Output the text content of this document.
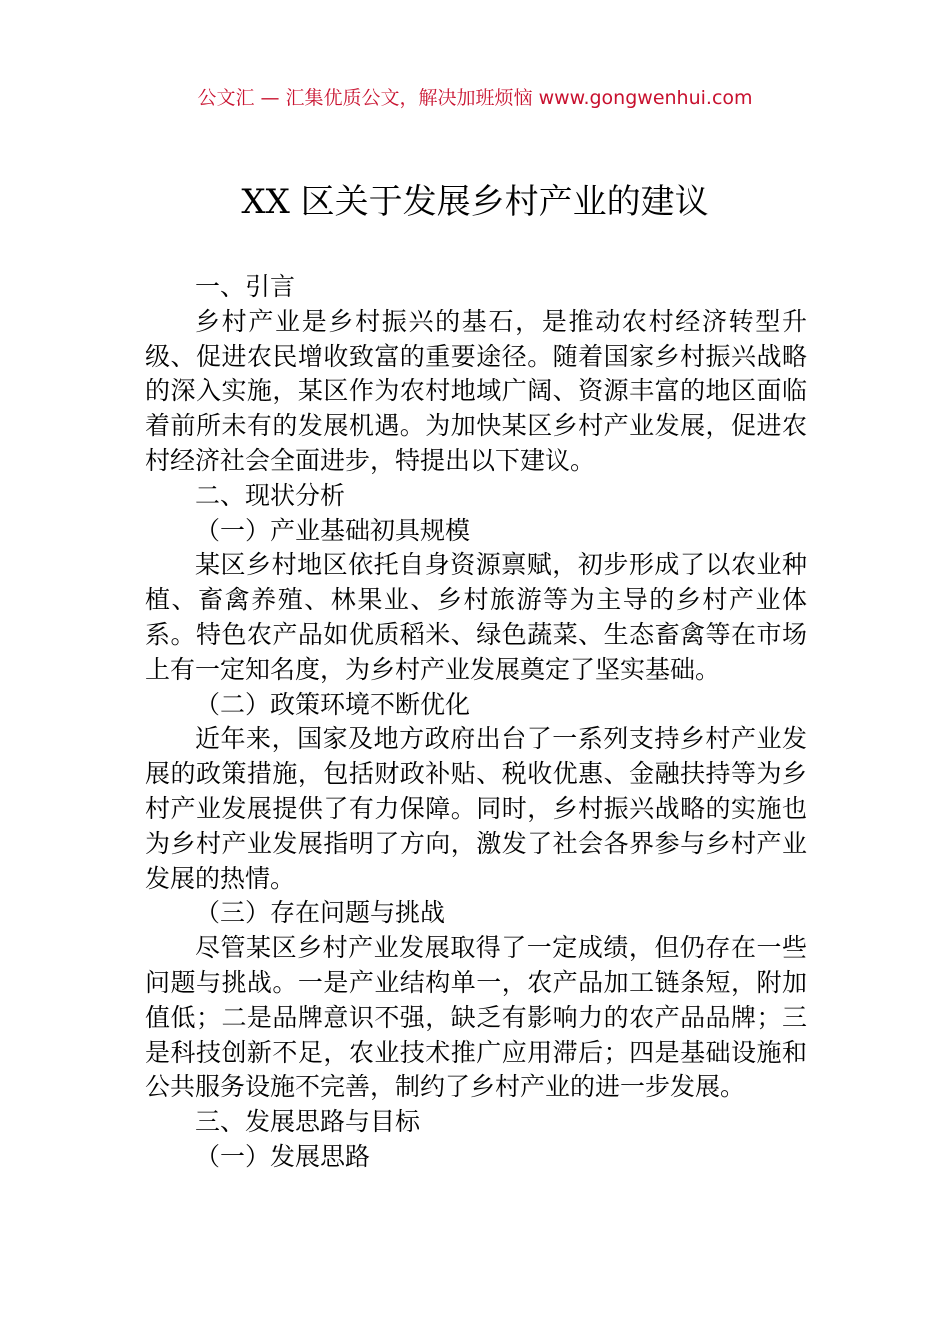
公文汇 — 汇集优质公文，解决加班烦恼 www.gongwenhui.com
XX 区关于发展乡村产业的建议

一、引言

乡村产业是乡村振兴的基石，是推动农村经济转型升级、促进农民增收致富的重要途径。随着国家乡村振兴战略的深入实施，某区作为农村地域广阔、资源丰富的地区面临着前所未有的发展机遇。为加快某区乡村产业发展，促进农村经济社会全面进步，特提出以下建议。

二、现状分析

（一）产业基础初具规模

某区乡村地区依托自身资源禀赋，初步形成了以农业种植、畜禽养殖、林果业、乡村旅游等为主导的乡村产业体系。特色农产品如优质稻米、绿色蔬菜、生态畜禽等在市场上有一定知名度，为乡村产业发展奠定了坚实基础。

（二）政策环境不断优化

近年来，国家及地方政府出台了一系列支持乡村产业发展的政策措施，包括财政补贴、税收优惠、金融扶持等为乡村产业发展提供了有力保障。同时，乡村振兴战略的实施也为乡村产业发展指明了方向，激发了社会各界参与乡村产业发展的热情。

（三）存在问题与挑战

尽管某区乡村产业发展取得了一定成绩，但仍存在一些问题与挑战。一是产业结构单一，农产品加工链条短，附加值低；二是品牌意识不强，缺乏有影响力的农产品品牌；三是科技创新不足，农业技术推广应用滞后；四是基础设施和公共服务设施不完善，制约了乡村产业的进一步发展。

三、发展思路与目标

（一）发展思路
